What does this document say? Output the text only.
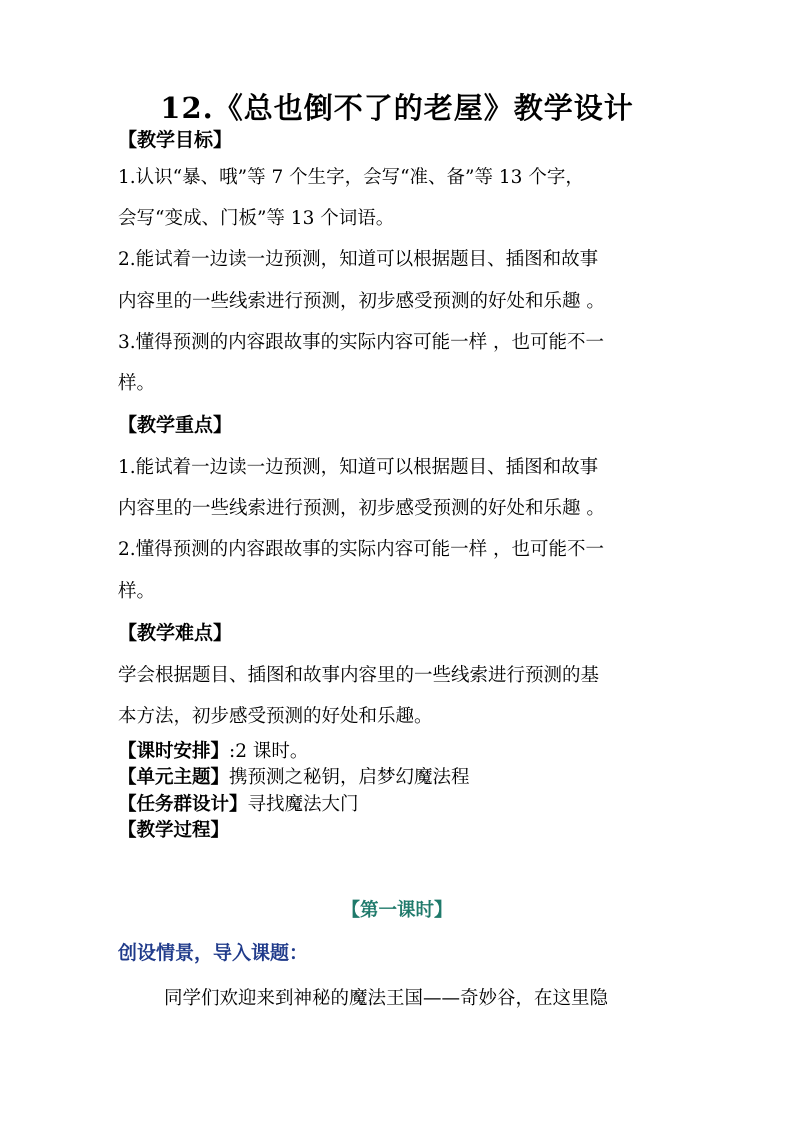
12.《总也倒不了的老屋》教学设计
【教学目标】
1.认识“暴、哦”等 7 个生字，会写“准、备”等 13 个字，
会写“变成、门板”等 13 个词语。
2.能试着一边读一边预测，知道可以根据题目、插图和故事
内容里的一些线索进行预测，初步感受预测的好处和乐趣 。
3.懂得预测的内容跟故事的实际内容可能一样 ，也可能不一
样。
【教学重点】
1.能试着一边读一边预测，知道可以根据题目、插图和故事
内容里的一些线索进行预测，初步感受预测的好处和乐趣 。
2.懂得预测的内容跟故事的实际内容可能一样 ，也可能不一
样。
【教学难点】
学会根据题目、插图和故事内容里的一些线索进行预测的基
本方法，初步感受预测的好处和乐趣。
【课时安排】:2 课时。
【单元主题】携预测之秘钥，启梦幻魔法程
【任务群设计】寻找魔法大门
【教学过程】
【第一课时】
创设情景，导入课题：
同学们欢迎来到神秘的魔法王国——奇妙谷，在这里隐
